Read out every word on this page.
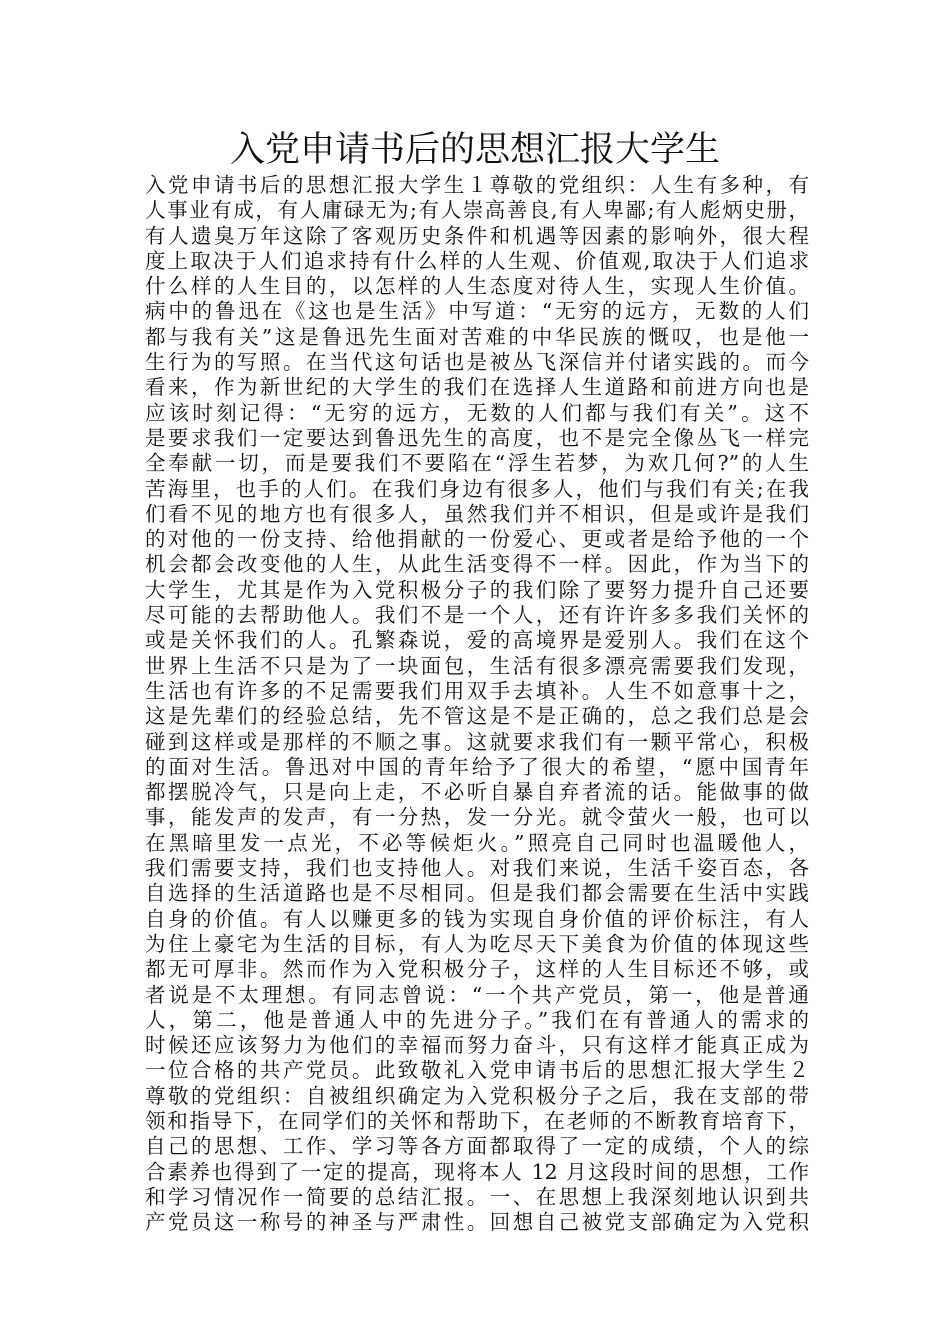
入党申请书后的思想汇报大学生
入党申请书后的思想汇报大学生１尊敬的党组织：人生有多种，有
人事业有成，有人庸碌无为;有人崇高善良,有人卑鄙;有人彪炳史册，
有人遗臭万年这除了客观历史条件和机遇等因素的影响外，很大程
度上取决于人们追求持有什么样的人生观、价值观,取决于人们追求
什么样的人生目的，以怎样的人生态度对待人生，实现人生价值。
病中的鲁迅在《这也是生活》中写道：“无穷的远方，无数的人们
都与我有关”这是鲁迅先生面对苦难的中华民族的慨叹，也是他一
生行为的写照。在当代这句话也是被丛飞深信并付诸实践的。而今
看来，作为新世纪的大学生的我们在选择人生道路和前进方向也是
应该时刻记得：“无穷的远方，无数的人们都与我们有关”。这不
是要求我们一定要达到鲁迅先生的高度，也不是完全像丛飞一样完
全奉献一切，而是要我们不要陷在“浮生若梦，为欢几何?”的人生
苦海里，也手的人们。在我们身边有很多人，他们与我们有关;在我
们看不见的地方也有很多人，虽然我们并不相识，但是或许是我们
的对他的一份支持、给他捐献的一份爱心、更或者是给予他的一个
机会都会改变他的人生，从此生活变得不一样。因此，作为当下的
大学生，尤其是作为入党积极分子的我们除了要努力提升自己还要
尽可能的去帮助他人。我们不是一个人，还有许许多多我们关怀的
或是关怀我们的人。孔繁森说，爱的高境界是爱别人。我们在这个
世界上生活不只是为了一块面包，生活有很多漂亮需要我们发现，
生活也有许多的不足需要我们用双手去填补。人生不如意事十之，
这是先辈们的经验总结，先不管这是不是正确的，总之我们总是会
碰到这样或是那样的不顺之事。这就要求我们有一颗平常心，积极
的面对生活。鲁迅对中国的青年给予了很大的希望，“愿中国青年
都摆脱冷气，只是向上走，不必听自暴自弃者流的话。能做事的做
事，能发声的发声，有一分热，发一分光。就令萤火一般，也可以
在黑暗里发一点光，不必等候炬火。”照亮自己同时也温暖他人，
我们需要支持，我们也支持他人。对我们来说，生活千姿百态，各
自选择的生活道路也是不尽相同。但是我们都会需要在生活中实践
自身的价值。有人以赚更多的钱为实现自身价值的评价标注，有人
为住上豪宅为生活的目标，有人为吃尽天下美食为价值的体现这些
都无可厚非。然而作为入党积极分子，这样的人生目标还不够，或
者说是不太理想。有同志曾说：“一个共产党员，第一，他是普通
人，第二，他是普通人中的先进分子。”我们在有普通人的需求的
时候还应该努力为他们的幸福而努力奋斗，只有这样才能真正成为
一位合格的共产党员。此致敬礼入党申请书后的思想汇报大学生２
尊敬的党组织：自被组织确定为入党积极分子之后，我在支部的带
领和指导下，在同学们的关怀和帮助下，在老师的不断教育培育下，
自己的思想、工作、学习等各方面都取得了一定的成绩，个人的综
合素养也得到了一定的提高，现将本人 12 月这段时间的思想，工作
和学习情况作一简要的总结汇报。一、在思想上我深刻地认识到共
产党员这一称号的神圣与严肃性。回想自己被党支部确定为入党积
